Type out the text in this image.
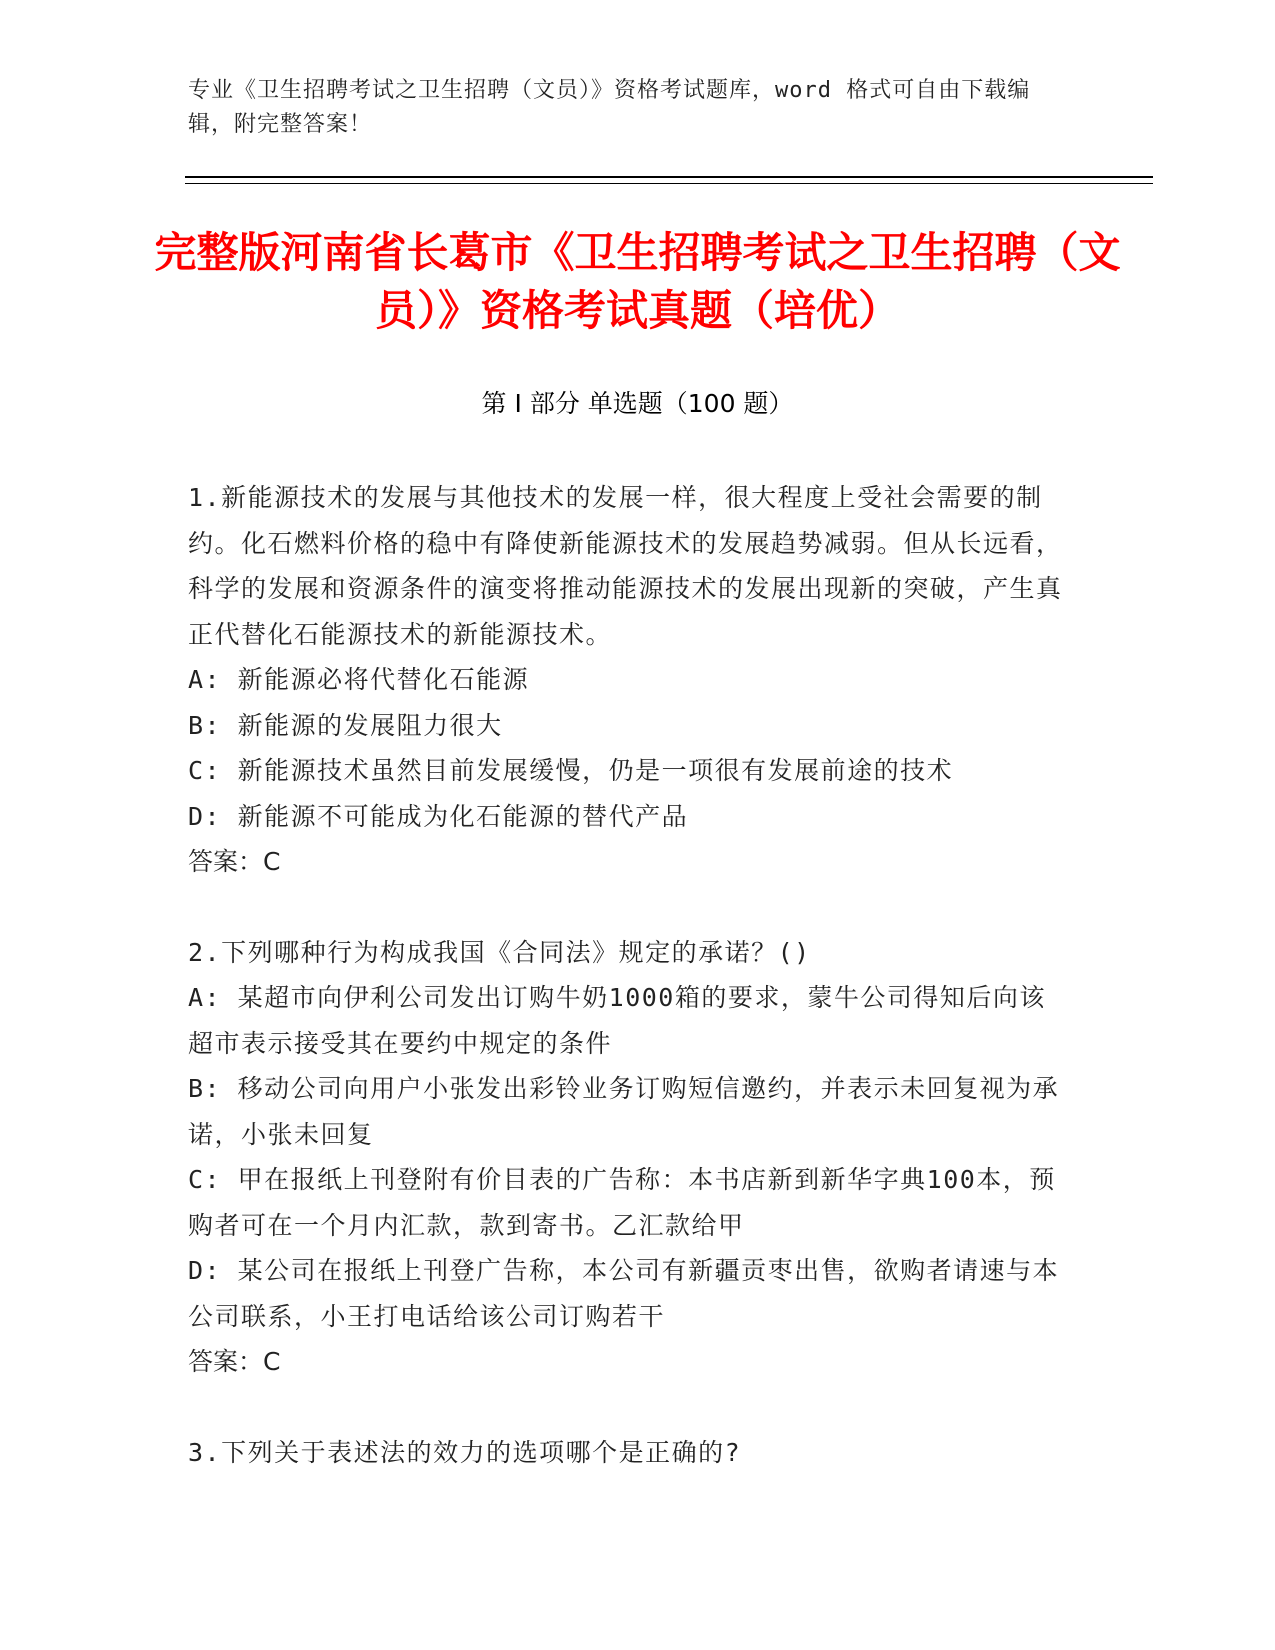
专业《卫生招聘考试之卫生招聘（文员）》资格考试题库，word 格式可自由下载编辑，附完整答案！
完整版河南省长葛市《卫生招聘考试之卫生招聘（文员）》资格考试真题（培优）
第 I 部分 单选题（100 题）

1.新能源技术的发展与其他技术的发展一样，很大程度上受社会需要的制约。化石燃料价格的稳中有降使新能源技术的发展趋势减弱。但从长远看，科学的发展和资源条件的演变将推动能源技术的发展出现新的突破，产生真正代替化石能源技术的新能源技术。

A: 新能源必将代替化石能源

B: 新能源的发展阻力很大

C: 新能源技术虽然目前发展缓慢，仍是一项很有发展前途的技术

D: 新能源不可能成为化石能源的替代产品

答案：C

2.下列哪种行为构成我国《合同法》规定的承诺？()

A: 某超市向伊利公司发出订购牛奶1000箱的要求，蒙牛公司得知后向该超市表示接受其在要约中规定的条件

B: 移动公司向用户小张发出彩铃业务订购短信邀约，并表示未回复视为承诺，小张未回复

C: 甲在报纸上刊登附有价目表的广告称：本书店新到新华字典100本，预购者可在一个月内汇款，款到寄书。乙汇款给甲

D: 某公司在报纸上刊登广告称，本公司有新疆贡枣出售，欲购者请速与本公司联系，小王打电话给该公司订购若干

答案：C

3.下列关于表述法的效力的选项哪个是正确的?
